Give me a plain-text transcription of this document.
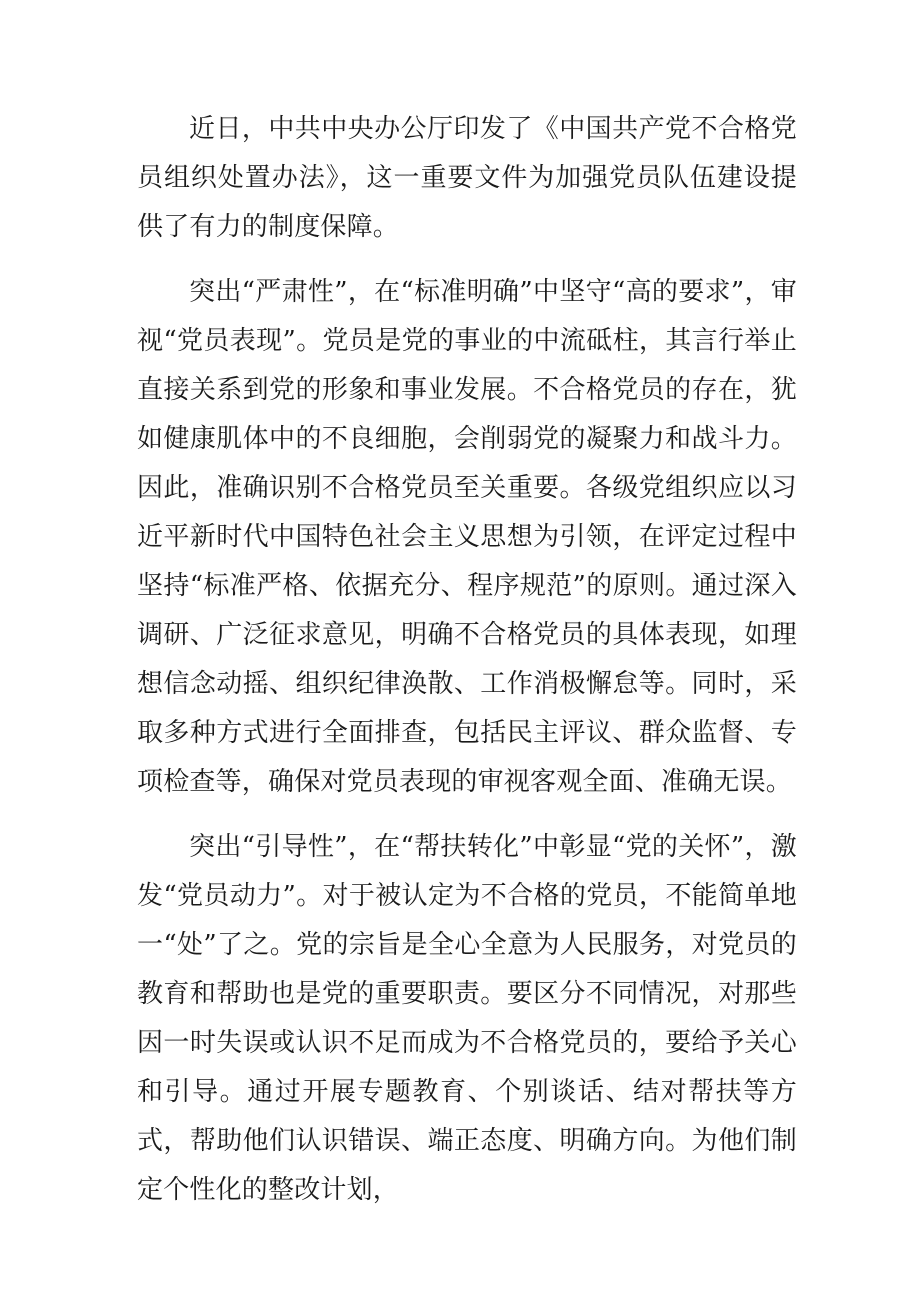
近日，中共中央办公厅印发了《中国共产党不合格党员组织处置办法》，这一重要文件为加强党员队伍建设提供了有力的制度保障。

突出“严肃性”，在“标准明确”中坚守“高的要求”，审视“党员表现”。党员是党的事业的中流砥柱，其言行举止直接关系到党的形象和事业发展。不合格党员的存在，犹如健康肌体中的不良细胞，会削弱党的凝聚力和战斗力。因此，准确识别不合格党员至关重要。各级党组织应以习近平新时代中国特色社会主义思想为引领，在评定过程中坚持“标准严格、依据充分、程序规范”的原则。通过深入调研、广泛征求意见，明确不合格党员的具体表现，如理想信念动摇、组织纪律涣散、工作消极懈怠等。同时，采取多种方式进行全面排查，包括民主评议、群众监督、专项检查等，确保对党员表现的审视客观全面、准确无误。

突出“引导性”，在“帮扶转化”中彰显“党的关怀”，激发“党员动力”。对于被认定为不合格的党员，不能简单地一“处”了之。党的宗旨是全心全意为人民服务，对党员的教育和帮助也是党的重要职责。要区分不同情况，对那些因一时失误或认识不足而成为不合格党员的，要给予关心和引导。通过开展专题教育、个别谈话、结对帮扶等方式，帮助他们认识错误、端正态度、明确方向。为他们制定个性化的整改计划，
